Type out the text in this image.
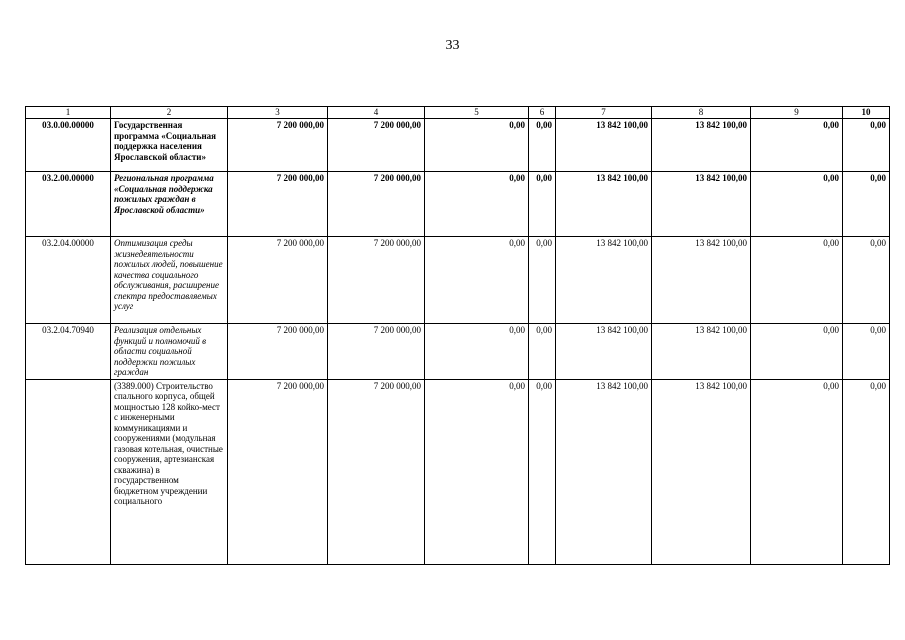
33
1	2	3	4	5	6	7	8	9	10
03.0.00.00000	Государственная программа «Социальная поддержка населения Ярославской области»	7 200 000,00	7 200 000,00	0,00	0,00	13 842 100,00	13 842 100,00	0,00	0,00
03.2.00.00000	Региональная программа «Социальная поддержка пожилых граждан в Ярославской области»	7 200 000,00	7 200 000,00	0,00	0,00	13 842 100,00	13 842 100,00	0,00	0,00
03.2.04.00000	Оптимизация среды жизнедеятельности пожилых людей, повышение качества социального обслуживания, расширение спектра предоставляемых услуг	7 200 000,00	7 200 000,00	0,00	0,00	13 842 100,00	13 842 100,00	0,00	0,00
03.2.04.70940	Реализация отдельных функций и полномочий в области социальной поддержки пожилых граждан	7 200 000,00	7 200 000,00	0,00	0,00	13 842 100,00	13 842 100,00	0,00	0,00
	(3389.000) Строительство спального корпуса, общей мощностью 128 койко-мест с инженерными коммуникациями и сооружениями (модульная газовая котельная, очистные сооружения, артезианская скважина) в государственном бюджетном учреждении социального	7 200 000,00	7 200 000,00	0,00	0,00	13 842 100,00	13 842 100,00	0,00	0,00
